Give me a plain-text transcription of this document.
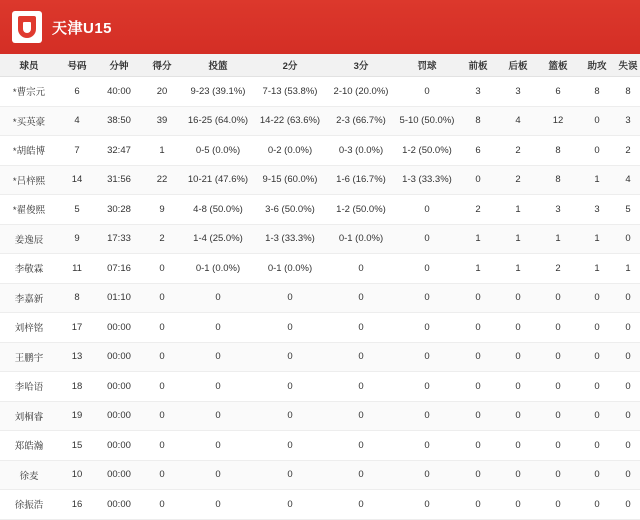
天津U15
球员	号码	分钟	得分	投篮	2分	3分	罚球	前板	后板	篮板	助攻	失误
*曹宗元	6	40:00	20	9-23 (39.1%)	7-13 (53.8%)	2-10 (20.0%)	0	3	3	6	8	8
*买英豪	4	38:50	39	16-25 (64.0%)	14-22 (63.6%)	2-3 (66.7%)	5-10 (50.0%)	8	4	12	0	3
*胡皓博	7	32:47	1	0-5 (0.0%)	0-2 (0.0%)	0-3 (0.0%)	1-2 (50.0%)	6	2	8	0	2
*吕梓熙	14	31:56	22	10-21 (47.6%)	9-15 (60.0%)	1-6 (16.7%)	1-3 (33.3%)	0	2	8	1	4
*翟俊熙	5	30:28	9	4-8 (50.0%)	3-6 (50.0%)	1-2 (50.0%)	0	2	1	3	3	5
姜逸辰	9	17:33	2	1-4 (25.0%)	1-3 (33.3%)	0-1 (0.0%)	0	1	1	1	1	0
李敬霖	11	07:16	0	0-1 (0.0%)	0-1 (0.0%)	0	0	1	1	2	1	1
李嘉新	8	01:10	0	0	0	0	0	0	0	0	0	0
刘梓铭	17	00:00	0	0	0	0	0	0	0	0	0	0
王鹏宇	13	00:00	0	0	0	0	0	0	0	0	0	0
李哈语	18	00:00	0	0	0	0	0	0	0	0	0	0
刘桐睿	19	00:00	0	0	0	0	0	0	0	0	0	0
郑皓瀚	15	00:00	0	0	0	0	0	0	0	0	0	0
徐麦	10	00:00	0	0	0	0	0	0	0	0	0	0
徐振浩	16	00:00	0	0	0	0	0	0	0	0	0	0
